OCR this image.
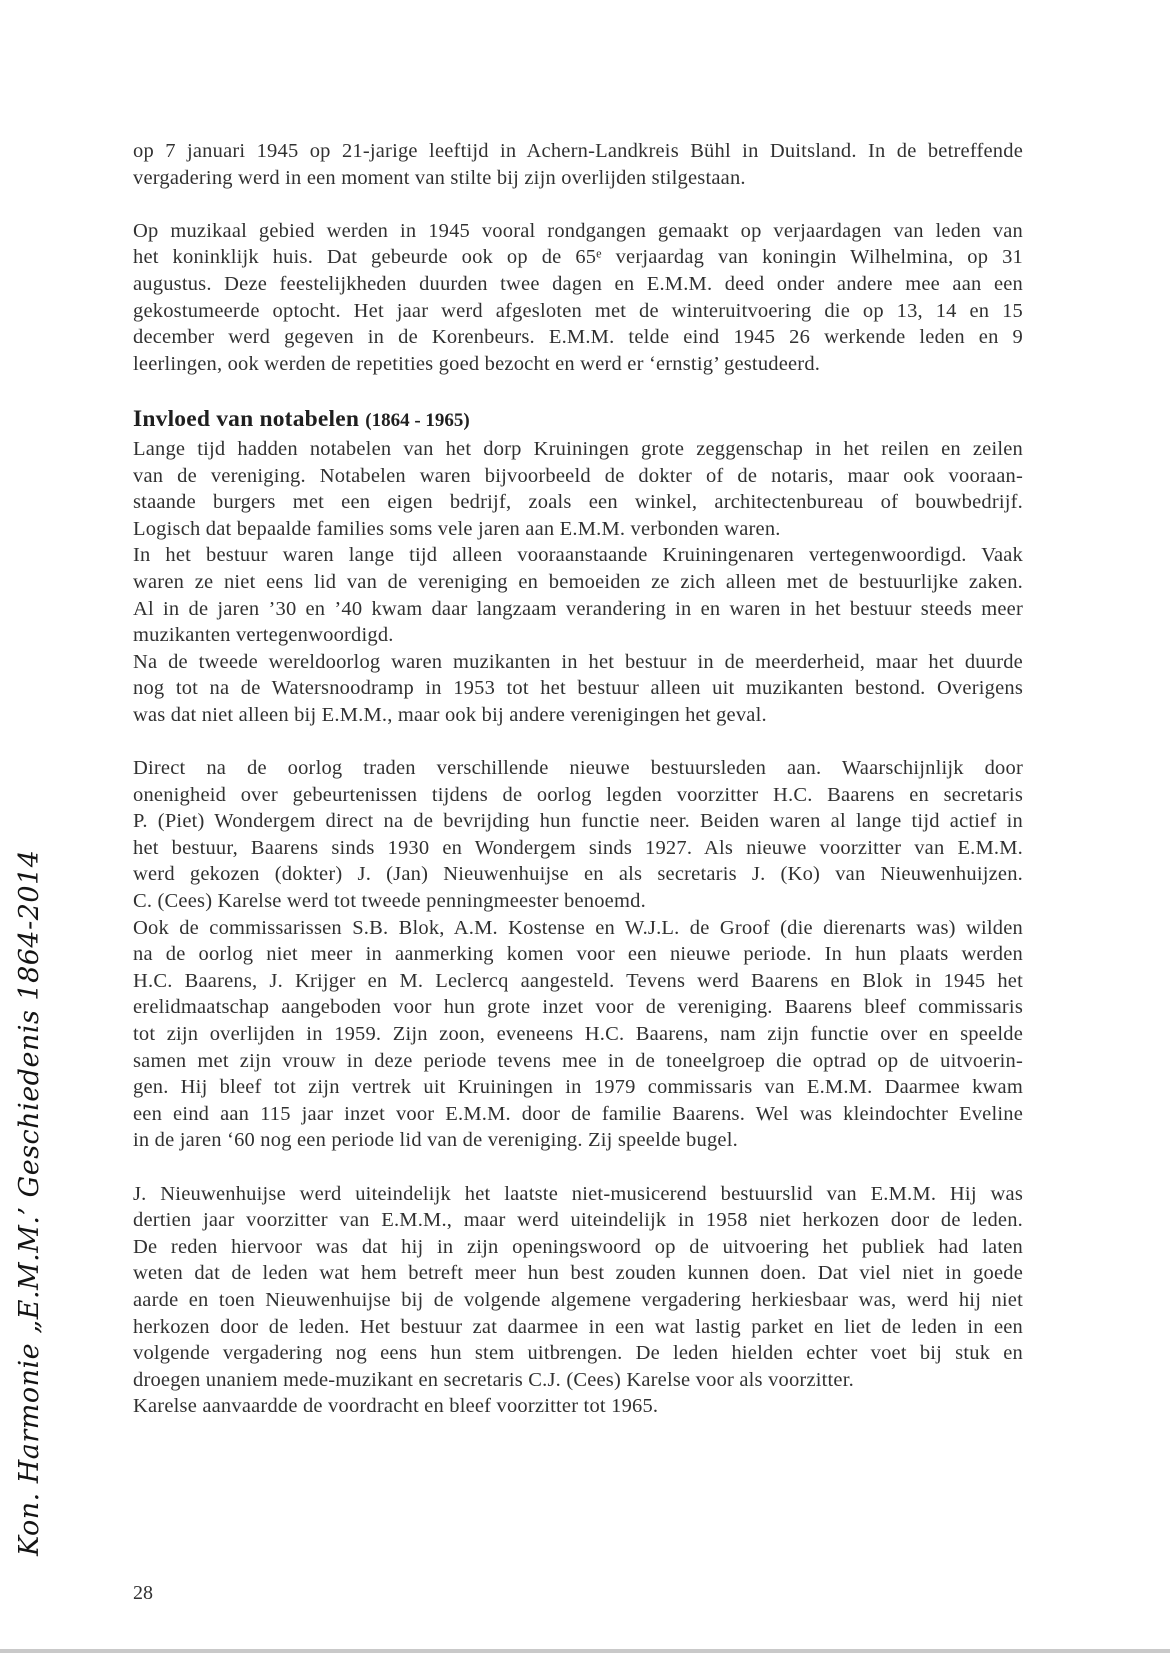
Kon. Harmonie „E.M.M.’ Geschiedenis 1864-2014
op 7 januari 1945 op 21-jarige leeftijd in Achern-Landkreis Bühl in Duitsland. In de betreffende
vergadering werd in een moment van stilte bij zijn overlijden stilgestaan.
Op muzikaal gebied werden in 1945 vooral rondgangen gemaakt op verjaardagen van leden van
het koninklijk huis. Dat gebeurde ook op de 65ᵉ verjaardag van koningin Wilhelmina, op 31
augustus. Deze feestelijkheden duurden twee dagen en E.M.M. deed onder andere mee aan een
gekostumeerde optocht. Het jaar werd afgesloten met de winteruitvoering die op 13, 14 en 15
december werd gegeven in de Korenbeurs. E.M.M. telde eind 1945 26 werkende leden en 9
leerlingen, ook werden de repetities goed bezocht en werd er ‘ernstig’ gestudeerd.
Invloed van notabelen (1864 - 1965)
Lange tijd hadden notabelen van het dorp Kruiningen grote zeggenschap in het reilen en zeilen
van de vereniging. Notabelen waren bijvoorbeeld de dokter of de notaris, maar ook vooraan-
staande burgers met een eigen bedrijf, zoals een winkel, architectenbureau of bouwbedrijf.
Logisch dat bepaalde families soms vele jaren aan E.M.M. verbonden waren.
In het bestuur waren lange tijd alleen vooraanstaande Kruiningenaren vertegenwoordigd. Vaak
waren ze niet eens lid van de vereniging en bemoeiden ze zich alleen met de bestuurlijke zaken.
Al in de jaren ’30 en ’40 kwam daar langzaam verandering in en waren in het bestuur steeds meer
muzikanten vertegenwoordigd.
Na de tweede wereldoorlog waren muzikanten in het bestuur in de meerderheid, maar het duurde
nog tot na de Watersnoodramp in 1953 tot het bestuur alleen uit muzikanten bestond. Overigens
was dat niet alleen bij E.M.M., maar ook bij andere verenigingen het geval.
Direct na de oorlog traden verschillende nieuwe bestuursleden aan. Waarschijnlijk door
onenigheid over gebeurtenissen tijdens de oorlog legden voorzitter H.C. Baarens en secretaris
P. (Piet) Wondergem direct na de bevrijding hun functie neer. Beiden waren al lange tijd actief in
het bestuur, Baarens sinds 1930 en Wondergem sinds 1927. Als nieuwe voorzitter van E.M.M.
werd gekozen (dokter) J. (Jan) Nieuwenhuijse en als secretaris J. (Ko) van Nieuwenhuijzen.
C. (Cees) Karelse werd tot tweede penningmeester benoemd.
Ook de commissarissen S.B. Blok, A.M. Kostense en W.J.L. de Groof (die dierenarts was) wilden
na de oorlog niet meer in aanmerking komen voor een nieuwe periode. In hun plaats werden
H.C. Baarens, J. Krijger en M. Leclercq aangesteld. Tevens werd Baarens en Blok in 1945 het
erelidmaatschap aangeboden voor hun grote inzet voor de vereniging. Baarens bleef commissaris
tot zijn overlijden in 1959. Zijn zoon, eveneens H.C. Baarens, nam zijn functie over en speelde
samen met zijn vrouw in deze periode tevens mee in de toneelgroep die optrad op de uitvoerin-
gen. Hij bleef tot zijn vertrek uit Kruiningen in 1979 commissaris van E.M.M. Daarmee kwam
een eind aan 115 jaar inzet voor E.M.M. door de familie Baarens. Wel was kleindochter Eveline
in de jaren ‘60 nog een periode lid van de vereniging. Zij speelde bugel.
J. Nieuwenhuijse werd uiteindelijk het laatste niet-musicerend bestuurslid van E.M.M. Hij was
dertien jaar voorzitter van E.M.M., maar werd uiteindelijk in 1958 niet herkozen door de leden.
De reden hiervoor was dat hij in zijn openingswoord op de uitvoering het publiek had laten
weten dat de leden wat hem betreft meer hun best zouden kunnen doen. Dat viel niet in goede
aarde en toen Nieuwenhuijse bij de volgende algemene vergadering herkiesbaar was, werd hij niet
herkozen door de leden. Het bestuur zat daarmee in een wat lastig parket en liet de leden in een
volgende vergadering nog eens hun stem uitbrengen. De leden hielden echter voet bij stuk en
droegen unaniem mede-muzikant en secretaris C.J. (Cees) Karelse voor als voorzitter.
Karelse aanvaardde de voordracht en bleef voorzitter tot 1965.
28
